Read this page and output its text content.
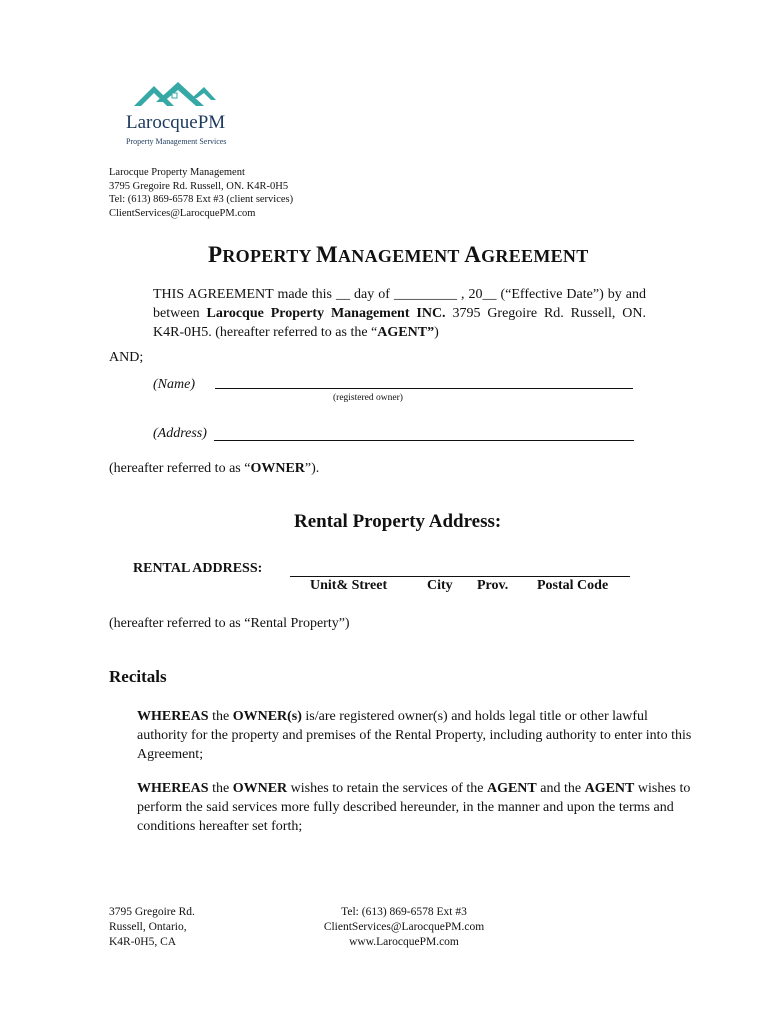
LarocquePM
Property Management Services
Larocque Property Management
3795 Gregoire Rd. Russell, ON. K4R-0H5
Tel: (613) 869-6578 Ext #3 (client services)
ClientServices@LarocquePM.com
PROPERTY MANAGEMENT AGREEMENT
THIS AGREEMENT made this __ day of _________ , 20__ (“Effective Date”) by and between Larocque Property Management INC. 3795 Gregoire Rd. Russell, ON. K4R-0H5. (hereafter referred to as the “AGENT”)
AND;
(Name)
(registered owner)
(Address)
(hereafter referred to as “OWNER”).
Rental Property Address:
RENTAL ADDRESS:
Unit& Street	City Prov. Postal Code
(hereafter referred to as “Rental Property”)
Recitals
WHEREAS the OWNER(s) is/are registered owner(s) and holds legal title or other lawful authority for the property and premises of the Rental Property, including authority to enter into this Agreement;
WHEREAS the OWNER wishes to retain the services of the AGENT and the AGENT wishes to perform the said services more fully described hereunder, in the manner and upon the terms and conditions hereafter set forth;
3795 Gregoire Rd.
Russell, Ontario,
K4R-0H5, CA
Tel: (613) 869-6578 Ext #3
ClientServices@LarocquePM.com
www.LarocquePM.com
